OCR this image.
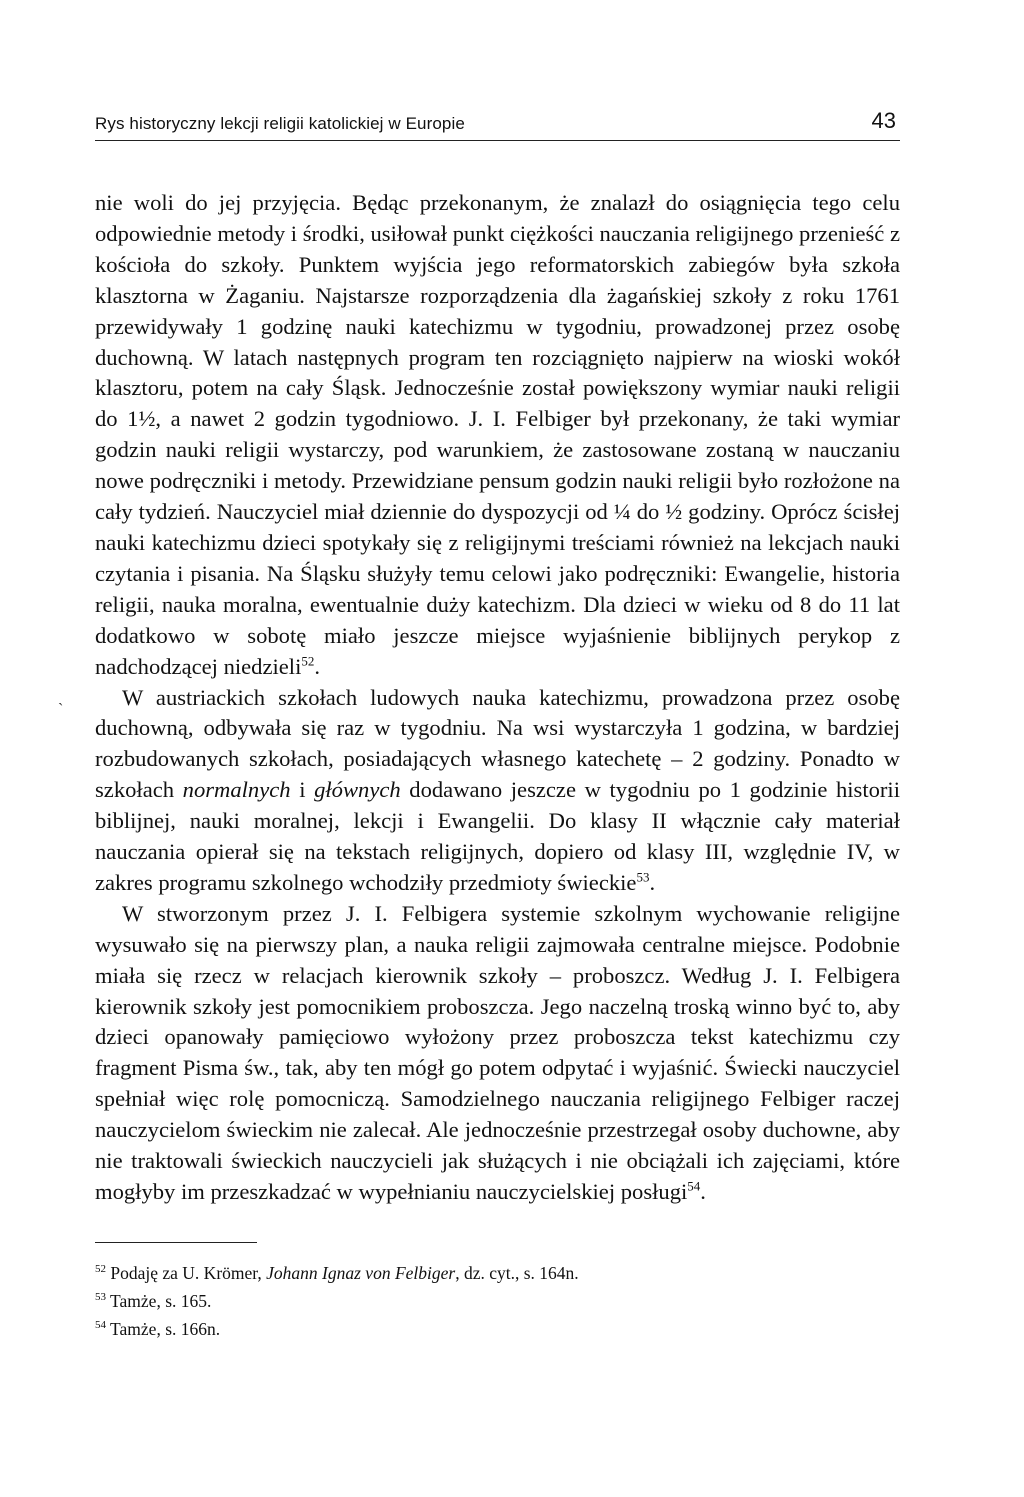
`
Rys historyczny lekcji religii katolickiej w Europie	43

nie woli do jej przyjęcia. Będąc przekonanym, że znalazł do osiągnięcia tego celu odpowiednie metody i środki, usiłował punkt ciężkości nauczania religijnego przenieść z kościoła do szkoły. Punktem wyjścia jego reformatorskich zabiegów była szkoła klasztorna w Żaganiu. Najstarsze rozporządzenia dla żagańskiej szkoły z roku 1761 przewidywały 1 godzinę nauki katechizmu w tygodniu, prowadzonej przez osobę duchowną. W latach następnych program ten rozciągnięto najpierw na wioski wokół klasztoru, potem na cały Śląsk. Jednocześnie został powiększony wymiar nauki religii do 1½, a nawet 2 godzin tygodniowo. J. I. Felbiger był przekonany, że taki wymiar godzin nauki religii wystarczy, pod warunkiem, że zastosowane zostaną w nauczaniu nowe podręczniki i metody. Przewidziane pensum godzin nauki religii było rozłożone na cały tydzień. Nauczyciel miał dziennie do dyspozycji od ¼ do ½ godziny. Oprócz ścisłej nauki katechizmu dzieci spotykały się z religijnymi treściami również na lekcjach nauki czytania i pisania. Na Śląsku służyły temu celowi jako podręczniki: Ewangelie, historia religii, nauka moralna, ewentualnie duży katechizm. Dla dzieci w wieku od 8 do 11 lat dodatkowo w sobotę miało jeszcze miejsce wyjaśnienie biblijnych perykop z nadchodzącej niedzieli$^{52}$.

W austriackich szkołach ludowych nauka katechizmu, prowadzona przez osobę duchowną, odbywała się raz w tygodniu. Na wsi wystarczyła 1 godzina, w bardziej rozbudowanych szkołach, posiadających własnego katechetę – 2 godziny. Ponadto w szkołach normalnych i głównych dodawano jeszcze w tygodniu po 1 godzinie historii biblijnej, nauki moralnej, lekcji i Ewangelii. Do klasy II włącznie cały materiał nauczania opierał się na tekstach religijnych, dopiero od klasy III, względnie IV, w zakres programu szkolnego wchodziły przedmioty świeckie$^{53}$.

W stworzonym przez J. I. Felbigera systemie szkolnym wychowanie religijne wysuwało się na pierwszy plan, a nauka religii zajmowała centralne miejsce. Podobnie miała się rzecz w relacjach kierownik szkoły – proboszcz. Według J. I. Felbigera kierownik szkoły jest pomocnikiem proboszcza. Jego naczelną troską winno być to, aby dzieci opanowały pamięciowo wyłożony przez proboszcza tekst katechizmu czy fragment Pisma św., tak, aby ten mógł go potem odpytać i wyjaśnić. Świecki nauczyciel spełniał więc rolę pomocniczą. Samodzielnego nauczania religijnego Felbiger raczej nauczycielom świeckim nie zalecał. Ale jednocześnie przestrzegał osoby duchowne, aby nie traktowali świeckich nauczycieli jak służących i nie obciążali ich zajęciami, które mogłyby im przeszkadzać w wypełnianiu nauczycielskiej posługi$^{54}$.

$^{52}$ Podaję za U. Krömer, Johann Ignaz von Felbiger, dz. cyt., s. 164n.
$^{53}$ Tamże, s. 165.
$^{54}$ Tamże, s. 166n.
